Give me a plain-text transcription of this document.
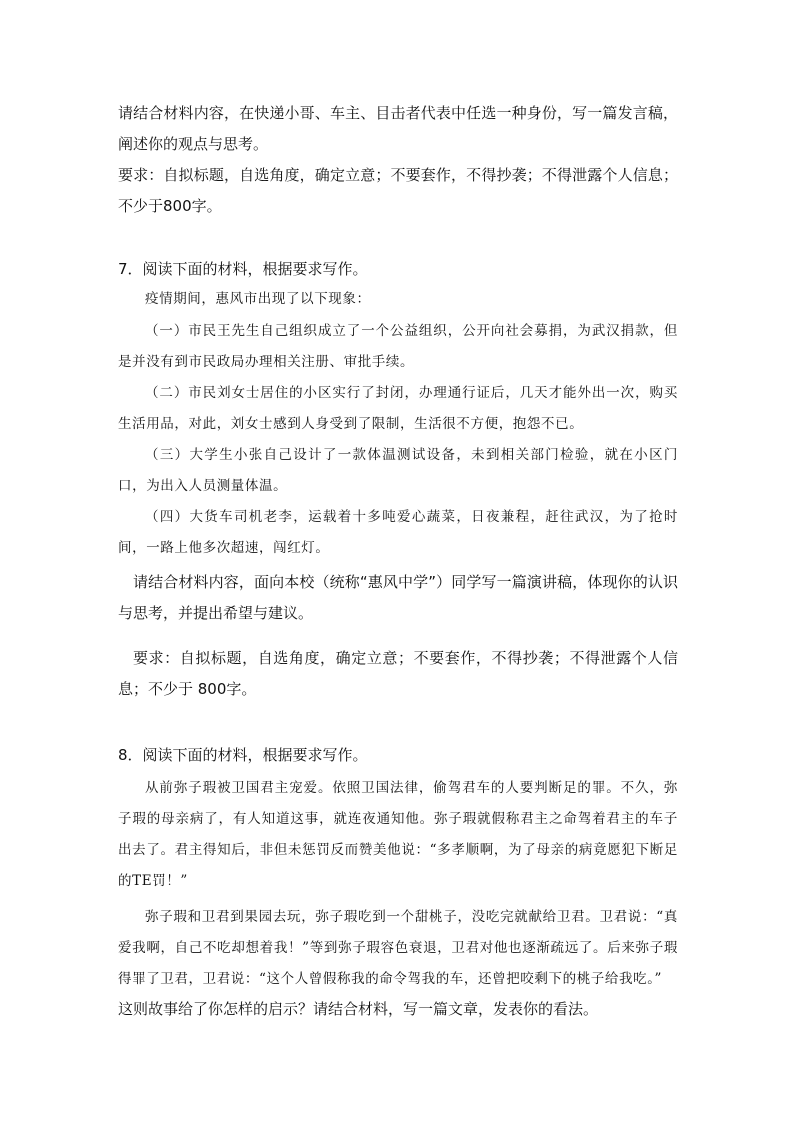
请结合材料内容，在快递小哥、车主、目击者代表中任选一种身份，写一篇发言稿，阐述你的观点与思考。

要求：自拟标题，自选角度，确定立意；不要套作，不得抄袭；不得泄露个人信息；不少于800字。

7．阅读下面的材料，根据要求写作。

疫情期间，惠风市出现了以下现象：

（一）市民王先生自己组织成立了一个公益组织，公开向社会募捐，为武汉捐款，但是并没有到市民政局办理相关注册、审批手续。

（二）市民刘女士居住的小区实行了封闭，办理通行证后，几天才能外出一次，购买生活用品，对此，刘女士感到人身受到了限制，生活很不方便，抱怨不已。

（三）大学生小张自己设计了一款体温测试设备，未到相关部门检验，就在小区门口，为出入人员测量体温。

（四）大货车司机老李，运载着十多吨爱心蔬菜，日夜兼程，赶往武汉，为了抢时间，一路上他多次超速，闯红灯。

请结合材料内容，面向本校（统称“惠风中学”）同学写一篇演讲稿，体现你的认识与思考，并提出希望与建议。

要求：自拟标题，自选角度，确定立意；不要套作，不得抄袭；不得泄露个人信息；不少于 800字。

8．阅读下面的材料，根据要求写作。

从前弥子瑕被卫国君主宠爱。依照卫国法律，偷驾君车的人要判断足的罪。不久，弥子瑕的母亲病了，有人知道这事，就连夜通知他。弥子瑕就假称君主之命驾着君主的车子出去了。君主得知后，非但未惩罚反而赞美他说：“多孝顺啊，为了母亲的病竟愿犯下断足的TE罚！”

弥子瑕和卫君到果园去玩，弥子瑕吃到一个甜桃子，没吃完就献给卫君。卫君说：“真爱我啊，自己不吃却想着我！”等到弥子瑕容色衰退，卫君对他也逐渐疏远了。后来弥子瑕得罪了卫君，卫君说：“这个人曾假称我的命令驾我的车，还曾把咬剩下的桃子给我吃。”

这则故事给了你怎样的启示？请结合材料，写一篇文章，发表你的看法。
